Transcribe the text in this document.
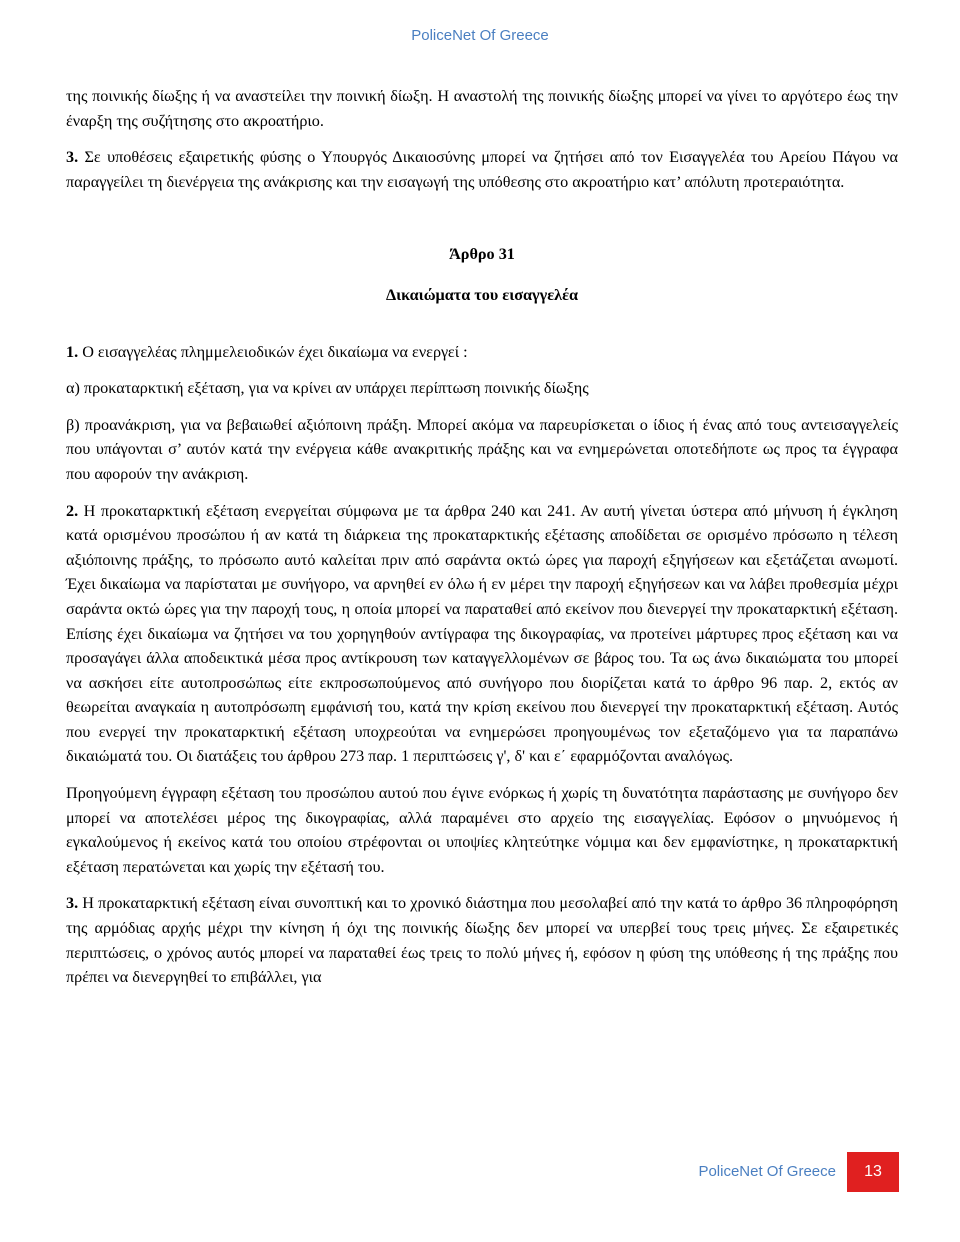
PoliceNet Of Greece

της ποινικής δίωξης ή να αναστείλει την ποινική δίωξη. Η αναστολή της ποινικής δίωξης μπορεί να γίνει το αργότερο έως την έναρξη της συζήτησης στο ακροατήριο.

3. Σε υποθέσεις εξαιρετικής φύσης ο Υπουργός Δικαιοσύνης μπορεί να ζητήσει από τον Εισαγγελέα του Αρείου Πάγου να παραγγείλει τη διενέργεια της ανάκρισης και την εισαγωγή της υπόθεσης στο ακροατήριο κατ’ απόλυτη προτεραιότητα.

Άρθρο 31

Δικαιώματα του εισαγγελέα

1. Ο εισαγγελέας πλημμελειοδικών έχει δικαίωμα να ενεργεί :

α) προκαταρκτική εξέταση, για να κρίνει αν υπάρχει περίπτωση ποινικής δίωξης

β) προανάκριση, για να βεβαιωθεί αξιόποινη πράξη. Μπορεί ακόμα να παρευρίσκεται ο ίδιος ή ένας από τους αντεισαγγελείς που υπάγονται σ’ αυτόν κατά την ενέργεια κάθε ανακριτικής πράξης και να ενημερώνεται οποτεδήποτε ως προς τα έγγραφα που αφορούν την ανάκριση.

2. Η προκαταρκτική εξέταση ενεργείται σύμφωνα με τα άρθρα 240 και 241. Αν αυτή γίνεται ύστερα από μήνυση ή έγκληση κατά ορισμένου προσώπου ή αν κατά τη διάρκεια της προκαταρκτικής εξέτασης αποδίδεται σε ορισμένο πρόσωπο η τέλεση αξιόποινης πράξης, το πρόσωπο αυτό καλείται πριν από σαράντα οκτώ ώρες για παροχή εξηγήσεων και εξετάζεται ανωμοτί. Έχει δικαίωμα να παρίσταται με συνήγορο, να αρνηθεί εν όλω ή εν μέρει την παροχή εξηγήσεων και να λάβει προθεσμία μέχρι σαράντα οκτώ ώρες για την παροχή τους, η οποία μπορεί να παραταθεί από εκείνον που διενεργεί την προκαταρκτική εξέταση. Επίσης έχει δικαίωμα να ζητήσει να του χορηγηθούν αντίγραφα της δικογραφίας, να προτείνει μάρτυρες προς εξέταση και να προσαγάγει άλλα αποδεικτικά μέσα προς αντίκρουση των καταγγελλομένων σε βάρος του. Τα ως άνω δικαιώματα του μπορεί να ασκήσει είτε αυτοπροσώπως είτε εκπροσωπούμενος από συνήγορο που διορίζεται κατά το άρθρο 96 παρ. 2, εκτός αν θεωρείται αναγκαία η αυτοπρόσωπη εμφάνισή του, κατά την κρίση εκείνου που διενεργεί την προκαταρκτική εξέταση. Αυτός που ενεργεί την προκαταρκτική εξέταση υποχρεούται να ενημερώσει προηγουμένως τον εξεταζόμενο για τα παραπάνω δικαιώματά του. Οι διατάξεις του άρθρου 273 παρ. 1 περιπτώσεις γ', δ' και ε΄ εφαρμόζονται αναλόγως.

Προηγούμενη έγγραφη εξέταση του προσώπου αυτού που έγινε ενόρκως ή χωρίς τη δυνατότητα παράστασης με συνήγορο δεν μπορεί να αποτελέσει μέρος της δικογραφίας, αλλά παραμένει στο αρχείο της εισαγγελίας. Εφόσον ο μηνυόμενος ή εγκαλούμενος ή εκείνος κατά του οποίου στρέφονται οι υποψίες κλητεύτηκε νόμιμα και δεν εμφανίστηκε, η προκαταρκτική εξέταση περατώνεται και χωρίς την εξέτασή του.

3. Η προκαταρκτική εξέταση είναι συνοπτική και το χρονικό διάστημα που μεσολαβεί από την κατά το άρθρο 36 πληροφόρηση της αρμόδιας αρχής μέχρι την κίνηση ή όχι της ποινικής δίωξης δεν μπορεί να υπερβεί τους τρεις μήνες. Σε εξαιρετικές περιπτώσεις, ο χρόνος αυτός μπορεί να παραταθεί έως τρεις το πολύ μήνες ή, εφόσον η φύση της υπόθεσης ή της πράξης που πρέπει να διενεργηθεί το επιβάλλει, για

PoliceNet Of Greece	13
